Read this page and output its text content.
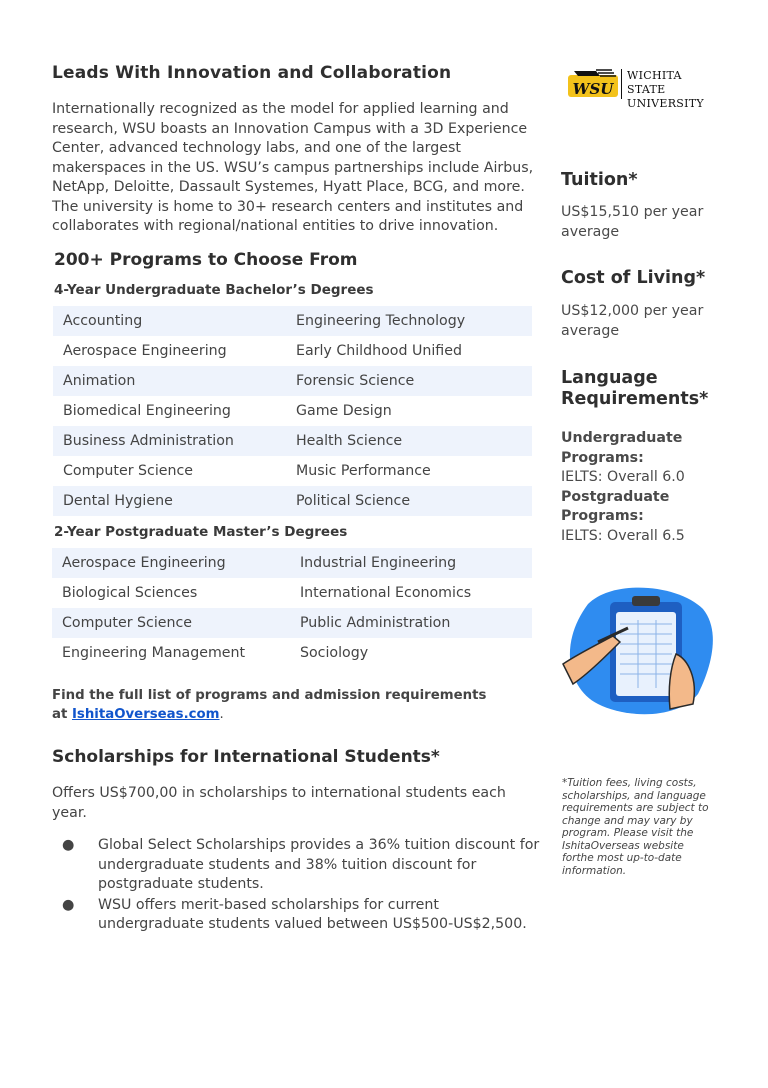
Leads With Innovation and Collaboration

Internationally recognized as the model for applied learning and research, WSU boasts an Innovation Campus with a 3D Experience Center, advanced technology labs, and one of the largest makerspaces in the US. WSU’s campus partnerships include Airbus, NetApp, Deloitte, Dassault Systemes, Hyatt Place, BCG, and more. The university is home to 30+ research centers and institutes and collaborates with regional/national entities to drive innovation.

200+ Programs to Choose From

4-Year Undergraduate Bachelor’s Degrees

Accounting	Engineering Technology
Aerospace Engineering	Early Childhood Unified
Animation	Forensic Science
Biomedical Engineering	Game Design
Business Administration	Health Science
Computer Science	Music Performance
Dental Hygiene	Political Science

2-Year Postgraduate Master’s Degrees

Aerospace Engineering	Industrial Engineering
Biological Sciences	International Economics
Computer Science	Public Administration
Engineering Management	Sociology

Find the full list of programs and admission requirements
at IshitaOverseas.com.

Scholarships for International Students*

Offers US$700,00 in scholarships to international students each year.

● Global Select Scholarships provides a 36% tuition discount for undergraduate students and 38% tuition discount for postgraduate students.
● WSU offers merit-based scholarships for current undergraduate students valued between US$500-US$2,500.
WSU
WICHITA STATE
UNIVERSITY
Tuition*

US$15,510 per year average

Cost of Living*

US$12,000 per year average

Language Requirements*

Undergraduate Programs:

IELTS: Overall 6.0

Postgraduate Programs:

IELTS: Overall 6.5

*Tuition fees, living costs, scholarships, and language requirements are subject to change and may vary by program. Please visit the IshitaOverseas website forthe most up-to-date information.
